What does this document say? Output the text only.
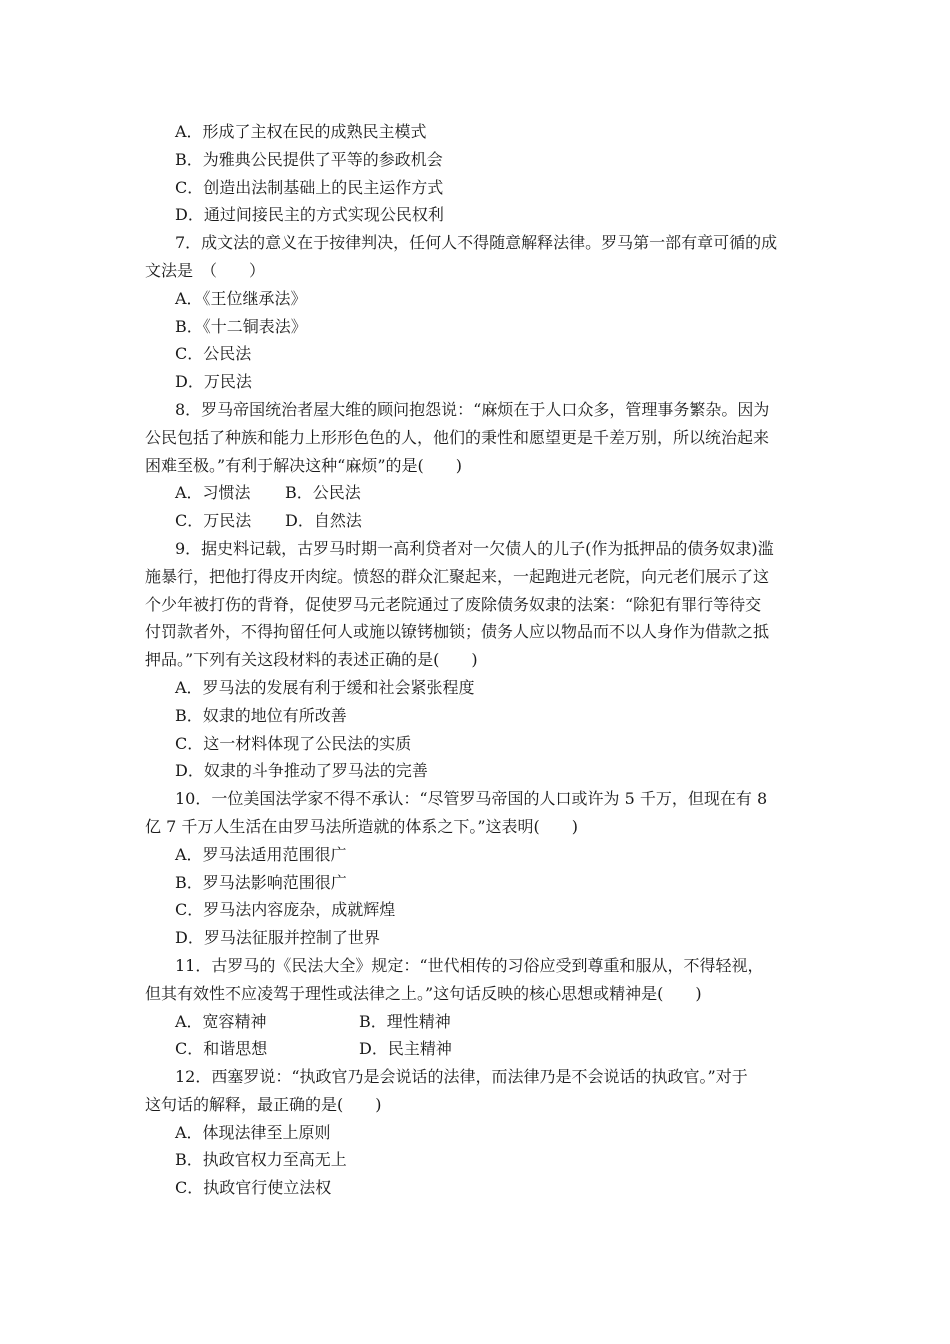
A．形成了主权在民的成熟民主模式
B．为雅典公民提供了平等的参政机会
C．创造出法制基础上的民主运作方式
D．通过间接民主的方式实现公民权利
7．成文法的意义在于按律判决，任何人不得随意解释法律。罗马第一部有章可循的成
文法是　（　　）
A．《王位继承法》
B．《十二铜表法》
C．公民法
D．万民法
8．罗马帝国统治者屋大维的顾问抱怨说：“麻烦在于人口众多，管理事务繁杂。因为
公民包括了种族和能力上形形色色的人，他们的秉性和愿望更是千差万别，所以统治起来
困难至极。”有利于解决这种“麻烦”的是(　　)
A．习惯法	B．公民法
C．万民法	D．自然法
9．据史料记载，古罗马时期一高利贷者对一欠债人的儿子(作为抵押品的债务奴隶)滥
施暴行，把他打得皮开肉绽。愤怒的群众汇聚起来，一起跑进元老院，向元老们展示了这
个少年被打伤的背脊，促使罗马元老院通过了废除债务奴隶的法案：“除犯有罪行等待交
付罚款者外，不得拘留任何人或施以镣铐枷锁；债务人应以物品而不以人身作为借款之抵
押品。”下列有关这段材料的表述正确的是(　　)
A．罗马法的发展有利于缓和社会紧张程度
B．奴隶的地位有所改善
C．这一材料体现了公民法的实质
D．奴隶的斗争推动了罗马法的完善
10．一位美国法学家不得不承认：“尽管罗马帝国的人口或许为 5 千万，但现在有 8
亿 7 千万人生活在由罗马法所造就的体系之下。”这表明(　　)
A．罗马法适用范围很广
B．罗马法影响范围很广
C．罗马法内容庞杂，成就辉煌
D．罗马法征服并控制了世界
11．古罗马的《民法大全》规定：“世代相传的习俗应受到尊重和服从，不得轻视，
但其有效性不应凌驾于理性或法律之上。”这句话反映的核心思想或精神是(　　)
A．宽容精神	B．理性精神
C．和谐思想	D．民主精神
12．西塞罗说：“执政官乃是会说话的法律，而法律乃是不会说话的执政官。”对于
这句话的解释，最正确的是(　　)
A．体现法律至上原则
B．执政官权力至高无上
C．执政官行使立法权
